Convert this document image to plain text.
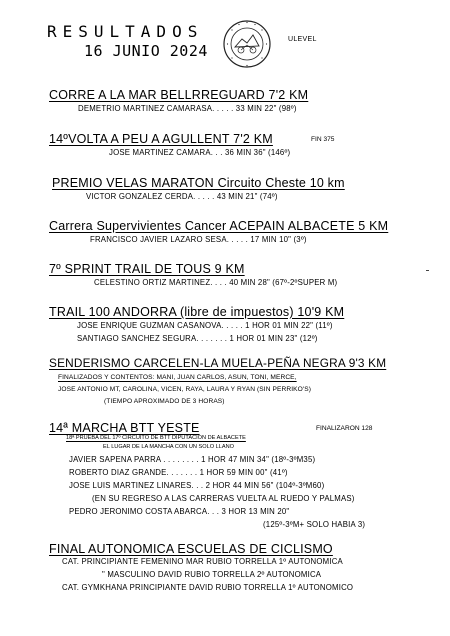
RESULTADOS
16 JUNIO 2024
ULEVEL
CORRE A LA MAR BELLRREGUARD 7'2 KM
DEMETRIO MARTINEZ CAMARASA. . . . . 33 MIN 22" (98º)
14ºVOLTA A PEU A AGULLENT 7'2 KM	FIN 375
JOSE MARTINEZ CAMARA. . . 36 MIN 36" (146º)
PREMIO VELAS MARATON Circuito Cheste 10 km
VICTOR GONZALEZ CERDA. . . . . 43 MIN 21" (74º)
Carrera Supervivientes Cancer ACEPAIN ALBACETE 5 KM
FRANCISCO JAVIER LAZARO SESA. . . . . 17 MIN 10" (3º)
7º SPRINT TRAIL DE TOUS 9 KM
CELESTINO ORTIZ MARTINEZ. . . . 40 MIN 28" (67º-2ºSUPER M)
TRAIL 100 ANDORRA (libre de impuestos) 10'9 KM
JOSE ENRIQUE GUZMAN CASANOVA. . . . . 1 HOR 01 MIN 22" (11º)
SANTIAGO SANCHEZ SEGURA. . . . . . . 1 HOR 01 MIN 23" (12º)
SENDERISMO CARCELEN-LA MUELA-PEÑA NEGRA 9'3 KM
FINALIZADOS Y CONTENTOS: MANI, JUAN CARLOS, ASUN, TONI, MERCE,
JOSE ANTONIO MT, CAROLINA, VICEN, RAYA, LAURA Y RYAN (SIN PERRIKO'S)
(TIEMPO APROXIMADO DE 3 HORAS)
14ª MARCHA BTT YESTE	FINALIZARON 128
18ª PRUEBA DEL 17º CIRCUITO DE BTT DIPUTACION DE ALBACETE
EL LUGAR DE LA MANCHA CON UN SOLO LLANO
JAVIER SAPENA PARRA . . . . . . . . 1 HOR 47 MIN 34" (18º-3ºM35)
ROBERTO DIAZ GRANDE. . . . . . . 1 HOR 59 MIN 00" (41º)
JOSE LUIS MARTINEZ LINARES. . . 2 HOR 44 MIN 56" (104º-3ºM60)
(EN SU REGRESO A LAS CARRERAS VUELTA AL RUEDO Y PALMAS)
PEDRO JERONIMO COSTA ABARCA. . . 3 HOR 13 MIN 20"
(125º-3ºM+ SOLO HABIA 3)
FINAL AUTONOMICA ESCUELAS DE CICLISMO
CAT. PRINCIPIANTE FEMENINO MAR RUBIO TORRELLA 1º AUTONOMICA
" MASCULINO DAVID RUBIO TORRELLA 2º AUTONOMICA
CAT. GYMKHANA PRINCIPIANTE DAVID RUBIO TORRELLA 1º AUTONOMICO
